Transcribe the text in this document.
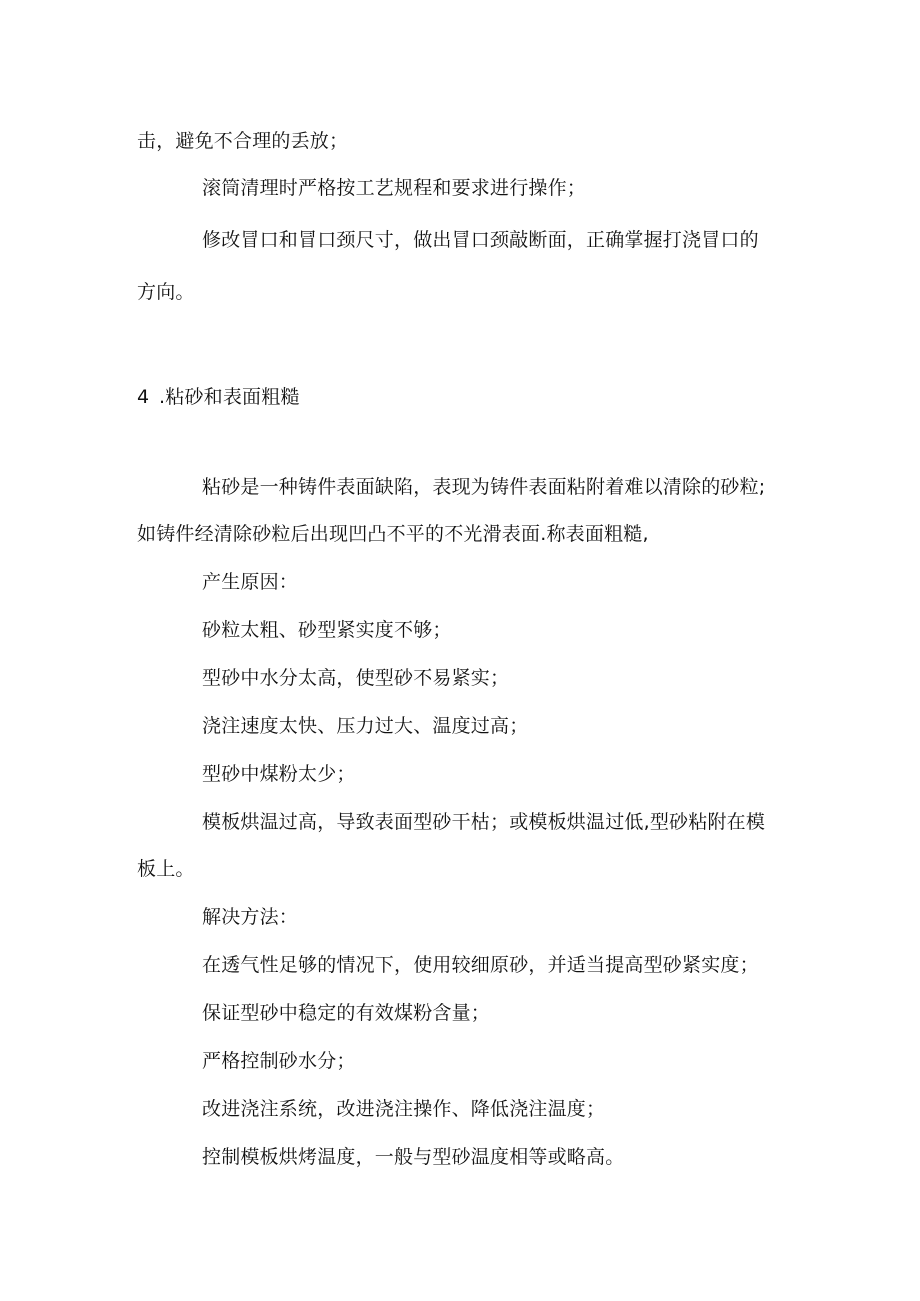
击，避免不合理的丢放；
滚筒清理时严格按工艺规程和要求进行操作；
修改冒口和冒口颈尺寸，做出冒口颈敲断面，正确掌握打浇冒口的
方向。
4 .粘砂和表面粗糙
粘砂是一种铸件表面缺陷，表现为铸件表面粘附着难以清除的砂粒;
如铸件经清除砂粒后出现凹凸不平的不光滑表面.称表面粗糙,
产生原因：
砂粒太粗、砂型紧实度不够；
型砂中水分太高，使型砂不易紧实；
浇注速度太快、压力过大、温度过高；
型砂中煤粉太少；
模板烘温过高，导致表面型砂干枯；或模板烘温过低,型砂粘附在模
板上。
解决方法：
在透气性足够的情况下，使用较细原砂，并适当提高型砂紧实度；
保证型砂中稳定的有效煤粉含量；
严格控制砂水分；
改进浇注系统，改进浇注操作、降低浇注温度；
控制模板烘烤温度，一般与型砂温度相等或略高。
